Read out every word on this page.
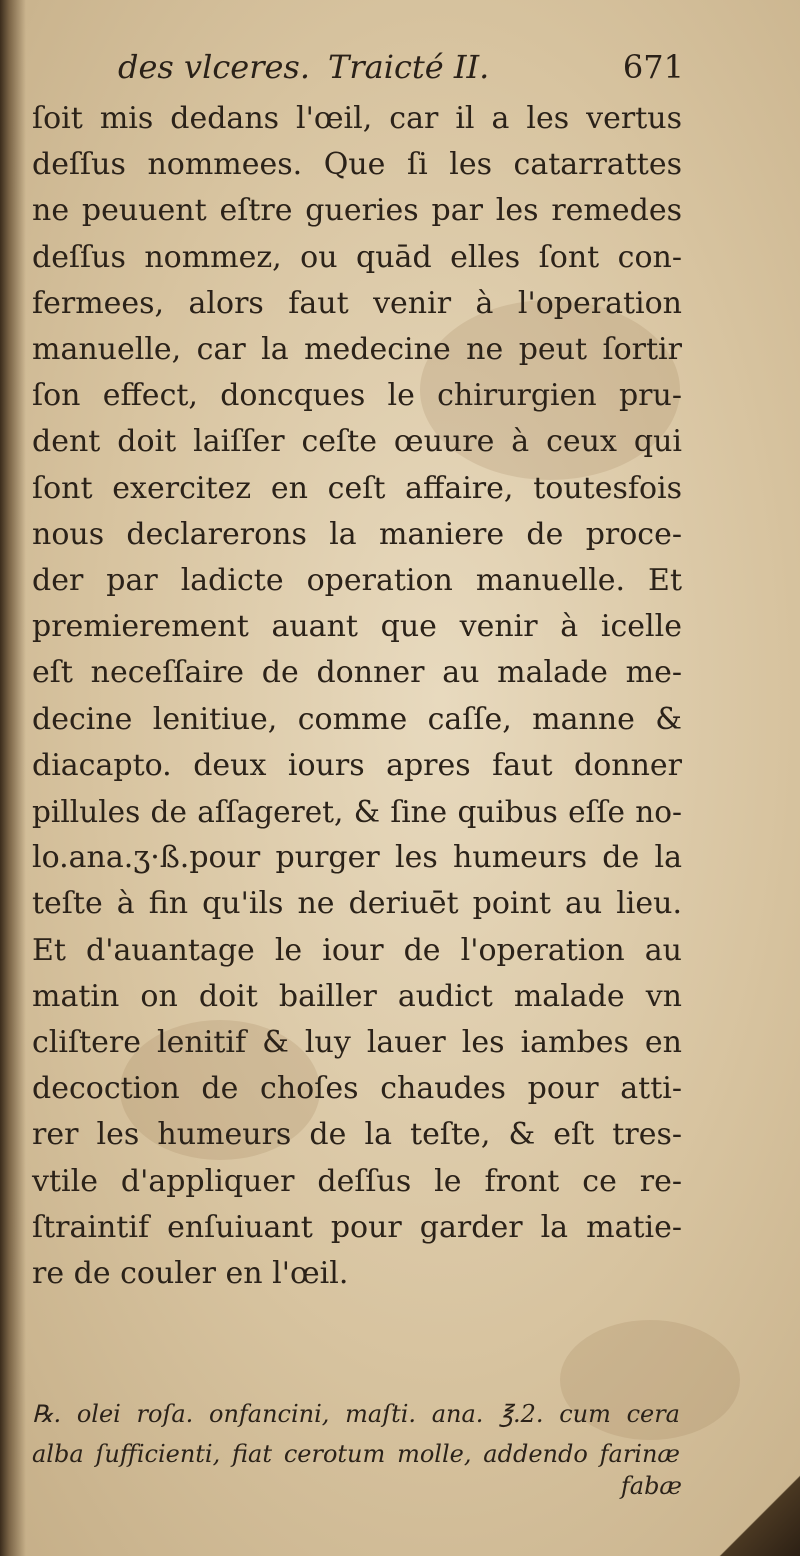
des vlceres. Traicté II.	671
ſoit mis dedans l'œil, car il a les vertus
deſſus nommees. Que ſi les catarrattes
ne peuuent eſtre gueries par les remedes
deſſus nommez, ou quād elles ſont con-
fermees, alors faut venir à l'operation
manuelle, car la medecine ne peut ſortir
ſon effect, doncques le chirurgien pru-
dent doit laiſſer ceſte œuure à ceux qui
ſont exercitez en ceſt affaire, toutesfois
nous declarerons la maniere de proce-
der par ladicte operation manuelle. Et
premierement auant que venir à icelle
eſt neceſſaire de donner au malade me-
decine lenitiue, comme caſſe, manne &
diacapto. deux iours apres faut donner
pillules de aſſageret, & ſine quibus eſſe no-
lo.ana.ʒ·ß.pour purger les humeurs de la
teſte à fin qu'ils ne deriuēt point au lieu.
Et d'auantage le iour de l'operation au
matin on doit bailler audict malade vn
cliſtere lenitif & luy lauer les iambes en
decoction de choſes chaudes pour atti-
rer les humeurs de la teſte, & eſt tres-
vtile d'appliquer deſſus le front ce re-
ſtraintif enſuiuant pour garder la matie-
re de couler en l'œil.
℞. olei roſa. onfancini, maſti. ana. ℥.2. cum cera
alba ſufficienti, fiat cerotum molle, addendo farinæ
fabæ
